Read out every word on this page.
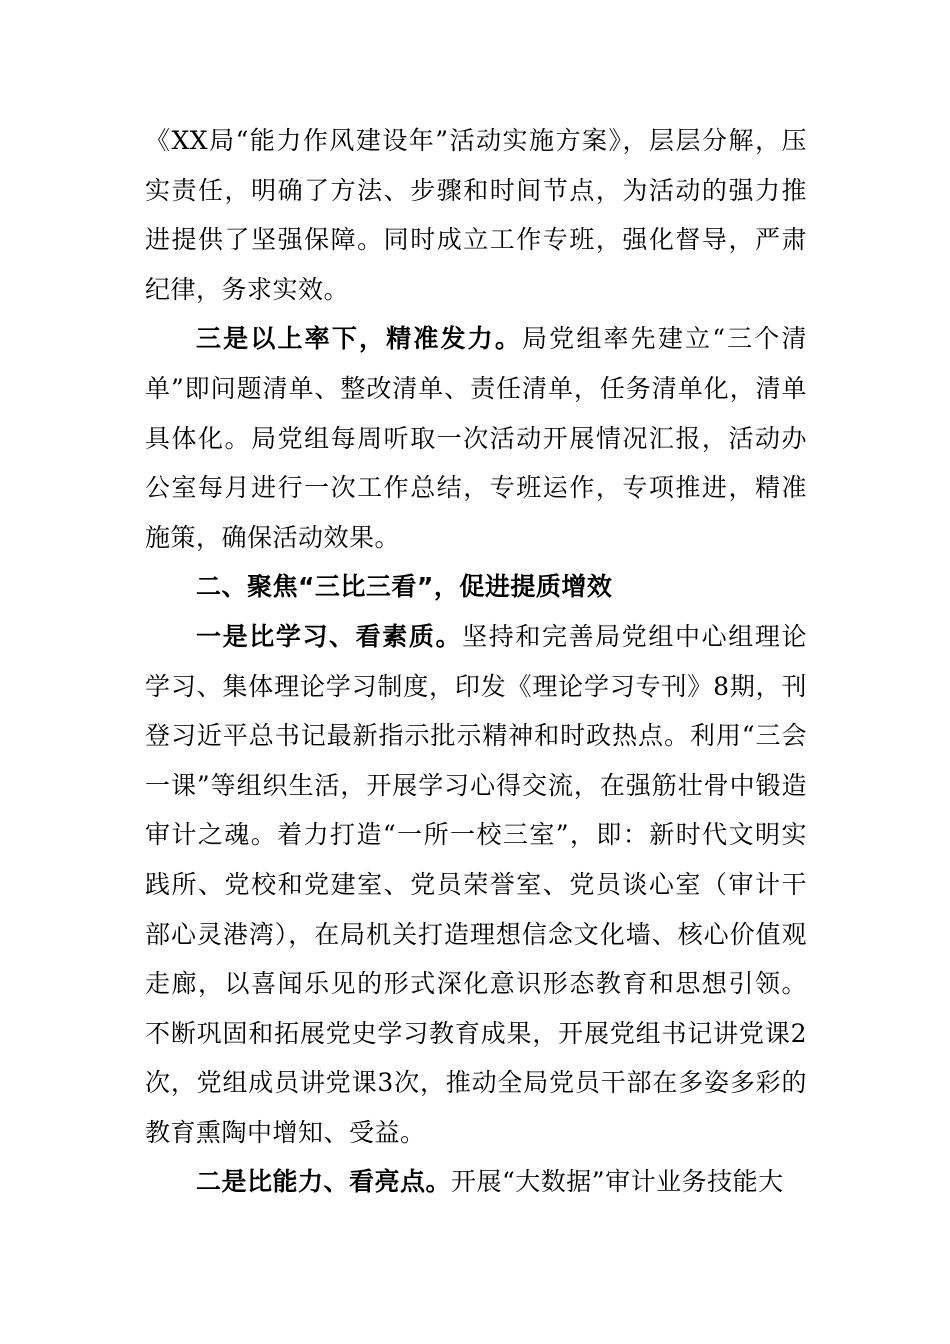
《XX局“能力作风建设年”活动实施方案》，层层分解，压实责任，明确了方法、步骤和时间节点，为活动的强力推进提供了坚强保障。同时成立工作专班，强化督导，严肃纪律，务求实效。

三是以上率下，精准发力。局党组率先建立“三个清单”即问题清单、整改清单、责任清单，任务清单化，清单具体化。局党组每周听取一次活动开展情况汇报，活动办公室每月进行一次工作总结，专班运作，专项推进，精准施策，确保活动效果。

二、聚焦“三比三看”，促进提质增效

一是比学习、看素质。坚持和完善局党组中心组理论学习、集体理论学习制度，印发《理论学习专刊》8期，刊登习近平总书记最新指示批示精神和时政热点。利用“三会一课”等组织生活，开展学习心得交流，在强筋壮骨中锻造审计之魂。着力打造“一所一校三室”，即：新时代文明实践所、党校和党建室、党员荣誉室、党员谈心室（审计干部心灵港湾），在局机关打造理想信念文化墙、核心价值观走廊，以喜闻乐见的形式深化意识形态教育和思想引领。不断巩固和拓展党史学习教育成果，开展党组书记讲党课2次，党组成员讲党课3次，推动全局党员干部在多姿多彩的教育熏陶中增知、受益。

二是比能力、看亮点。开展“大数据”审计业务技能大
